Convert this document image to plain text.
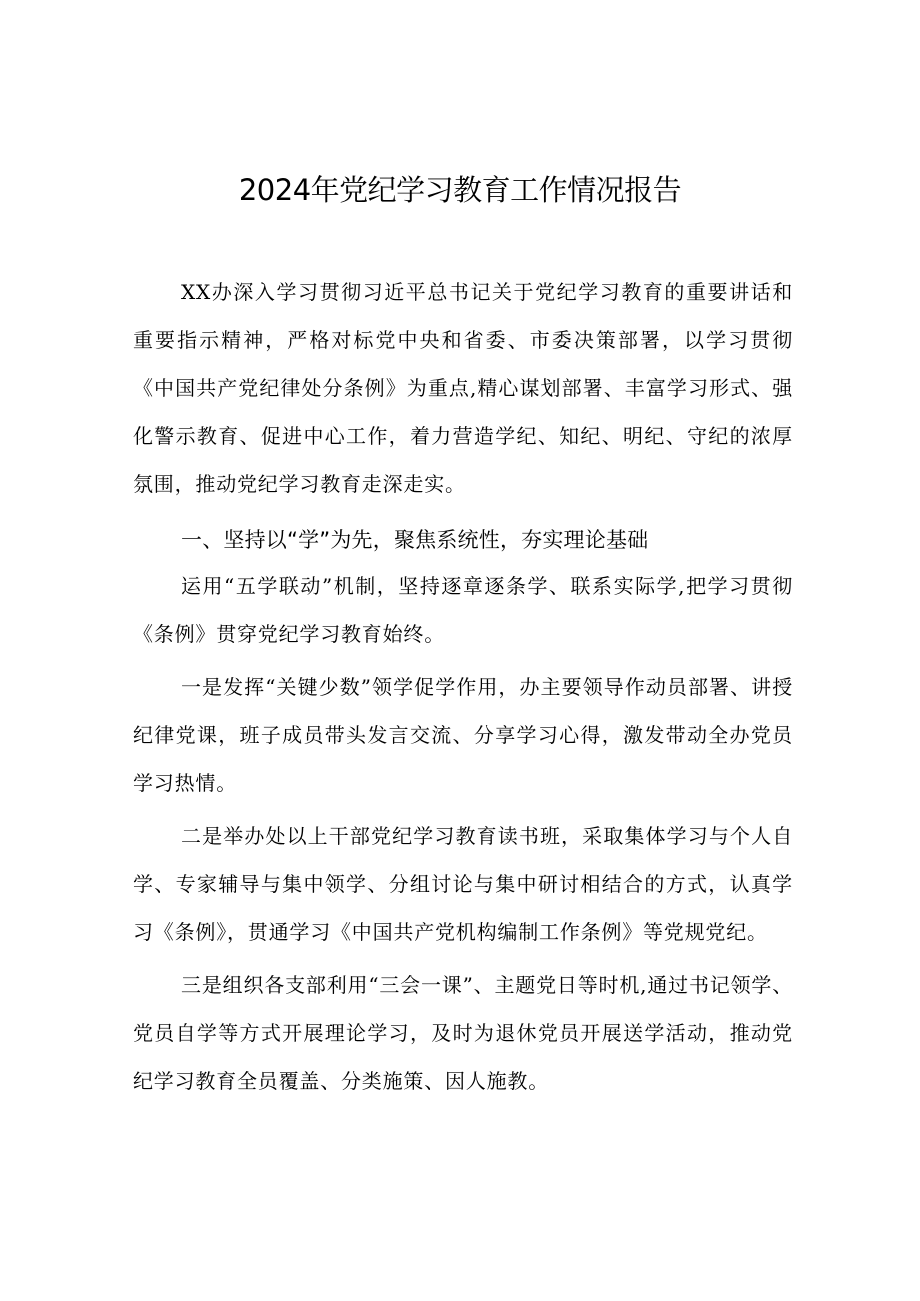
2024年党纪学习教育工作情况报告

XX办深入学习贯彻习近平总书记关于党纪学习教育的重要讲话和重要指示精神，严格对标党中央和省委、市委决策部署，以学习贯彻《中国共产党纪律处分条例》为重点,精心谋划部署、丰富学习形式、强化警示教育、促进中心工作，着力营造学纪、知纪、明纪、守纪的浓厚氛围，推动党纪学习教育走深走实。

一、坚持以“学”为先，聚焦系统性，夯实理论基础

运用“五学联动”机制，坚持逐章逐条学、联系实际学,把学习贯彻《条例》贯穿党纪学习教育始终。

一是发挥“关键少数”领学促学作用，办主要领导作动员部署、讲授纪律党课，班子成员带头发言交流、分享学习心得，激发带动全办党员学习热情。

二是举办处以上干部党纪学习教育读书班，采取集体学习与个人自学、专家辅导与集中领学、分组讨论与集中研讨相结合的方式，认真学习《条例》，贯通学习《中国共产党机构编制工作条例》等党规党纪。

三是组织各支部利用“三会一课”、主题党日等时机,通过书记领学、党员自学等方式开展理论学习，及时为退休党员开展送学活动，推动党纪学习教育全员覆盖、分类施策、因人施教。
